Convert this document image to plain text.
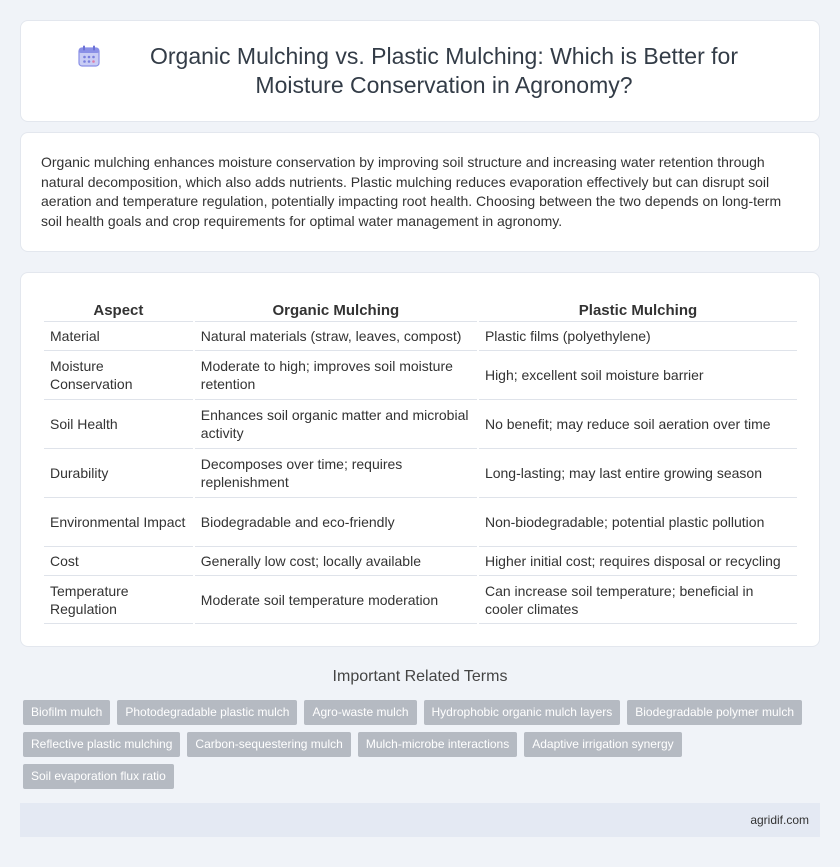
Organic Mulching vs. Plastic Mulching: Which is Better for Moisture Conservation in Agronomy?

Organic mulching enhances moisture conservation by improving soil structure and increasing water retention through natural decomposition, which also adds nutrients. Plastic mulching reduces evaporation effectively but can disrupt soil aeration and temperature regulation, potentially impacting root health. Choosing between the two depends on long-term soil health goals and crop requirements for optimal water management in agronomy.

Aspect	Organic Mulching	Plastic Mulching
Material	Natural materials (straw, leaves, compost)	Plastic films (polyethylene)
Moisture Conservation	Moderate to high; improves soil moisture retention	High; excellent soil moisture barrier
Soil Health	Enhances soil organic matter and microbial activity	No benefit; may reduce soil aeration over time
Durability	Decomposes over time; requires replenishment	Long-lasting; may last entire growing season
Environmental Impact	Biodegradable and eco-friendly	Non-biodegradable; potential plastic pollution
Cost	Generally low cost; locally available	Higher initial cost; requires disposal or recycling
Temperature Regulation	Moderate soil temperature moderation	Can increase soil temperature; beneficial in cooler climates
Important Related Terms
Biofilm mulch	Photodegradable plastic mulch	Agro-waste mulch	Hydrophobic organic mulch layers	Biodegradable polymer mulch
Reflective plastic mulching	Carbon-sequestering mulch	Mulch-microbe interactions	Adaptive irrigation synergy
Soil evaporation flux ratio
agridif.com
